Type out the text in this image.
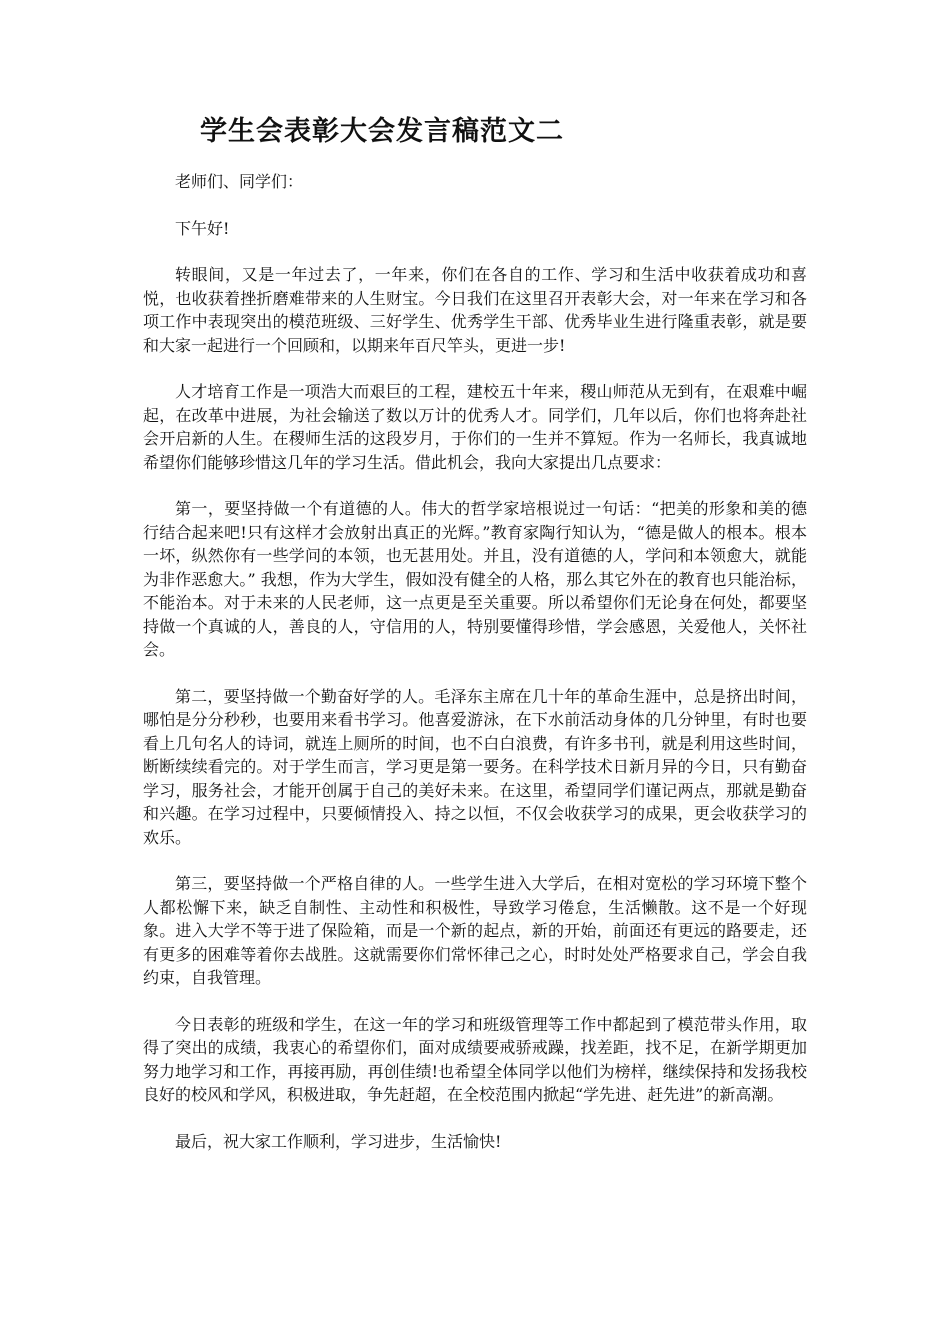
学生会表彰大会发言稿范文二

老师们、同学们：

下午好!

转眼间，又是一年过去了，一年来，你们在各自的工作、学习和生活中收获着成功和喜悦，也收获着挫折磨难带来的人生财宝。今日我们在这里召开表彰大会，对一年来在学习和各项工作中表现突出的模范班级、三好学生、优秀学生干部、优秀毕业生进行隆重表彰，就是要和大家一起进行一个回顾和，以期来年百尺竿头，更进一步!

人才培育工作是一项浩大而艰巨的工程，建校五十年来，稷山师范从无到有，在艰难中崛起，在改革中进展，为社会输送了数以万计的优秀人才。同学们，几年以后，你们也将奔赴社会开启新的人生。在稷师生活的这段岁月，于你们的一生并不算短。作为一名师长，我真诚地希望你们能够珍惜这几年的学习生活。借此机会，我向大家提出几点要求：

第一，要坚持做一个有道德的人。伟大的哲学家培根说过一句话：“把美的形象和美的德行结合起来吧!只有这样才会放射出真正的光辉。”教育家陶行知认为，“德是做人的根本。根本一坏，纵然你有一些学问的本领，也无甚用处。并且，没有道德的人，学问和本领愈大，就能为非作恶愈大。” 我想，作为大学生，假如没有健全的人格，那么其它外在的教育也只能治标，不能治本。对于未来的人民老师，这一点更是至关重要。所以希望你们无论身在何处，都要坚持做一个真诚的人，善良的人，守信用的人，特别要懂得珍惜，学会感恩，关爱他人，关怀社会。

第二，要坚持做一个勤奋好学的人。毛泽东主席在几十年的革命生涯中，总是挤出时间，哪怕是分分秒秒，也要用来看书学习。他喜爱游泳，在下水前活动身体的几分钟里，有时也要看上几句名人的诗词，就连上厕所的时间，也不白白浪费，有许多书刊，就是利用这些时间，断断续续看完的。对于学生而言，学习更是第一要务。在科学技术日新月异的今日，只有勤奋学习，服务社会，才能开创属于自己的美好未来。在这里，希望同学们谨记两点，那就是勤奋和兴趣。在学习过程中，只要倾情投入、持之以恒，不仅会收获学习的成果，更会收获学习的欢乐。

第三，要坚持做一个严格自律的人。一些学生进入大学后，在相对宽松的学习环境下整个人都松懈下来，缺乏自制性、主动性和积极性，导致学习倦怠，生活懒散。这不是一个好现象。进入大学不等于进了保险箱，而是一个新的起点，新的开始，前面还有更远的路要走，还有更多的困难等着你去战胜。这就需要你们常怀律己之心，时时处处严格要求自己，学会自我约束，自我管理。

今日表彰的班级和学生，在这一年的学习和班级管理等工作中都起到了模范带头作用，取得了突出的成绩，我衷心的希望你们，面对成绩要戒骄戒躁，找差距，找不足，在新学期更加努力地学习和工作，再接再励，再创佳绩!也希望全体同学以他们为榜样，继续保持和发扬我校良好的校风和学风，积极进取，争先赶超，在全校范围内掀起“学先进、赶先进”的新高潮。

最后，祝大家工作顺利，学习进步，生活愉快!
